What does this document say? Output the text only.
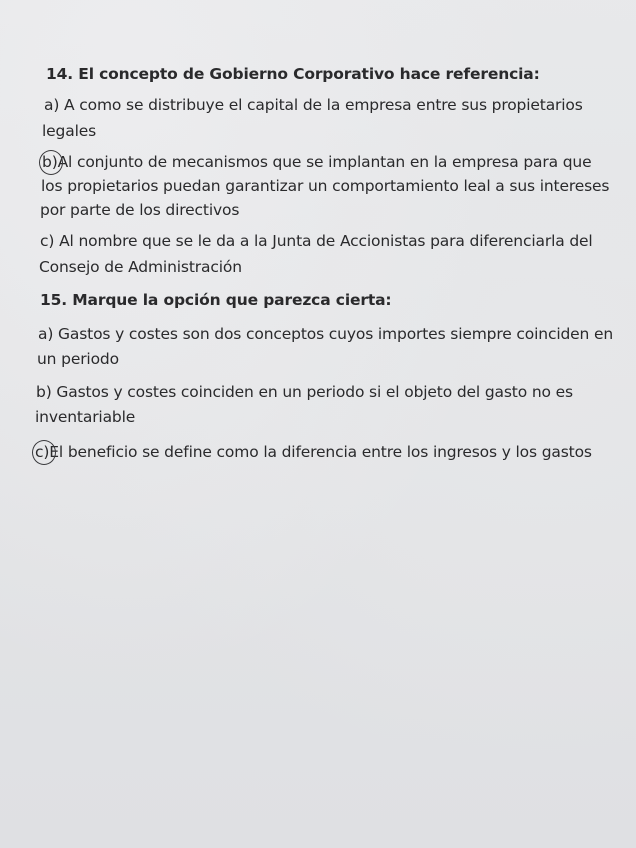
14. El concepto de Gobierno Corporativo hace referencia:
a) A como se distribuye el capital de la empresa entre sus propietarios
legales
b)Al conjunto de mecanismos que se implantan en la empresa para que
los propietarios puedan garantizar un comportamiento leal a sus intereses
por parte de los directivos
c) Al nombre que se le da a la Junta de Accionistas para diferenciarla del
Consejo de Administración
15. Marque la opción que parezca cierta:
a) Gastos y costes son dos conceptos cuyos importes siempre coinciden en
un periodo
b) Gastos y costes coinciden en un periodo si el objeto del gasto no es
inventariable
c)El beneficio se define como la diferencia entre los ingresos y los gastos
